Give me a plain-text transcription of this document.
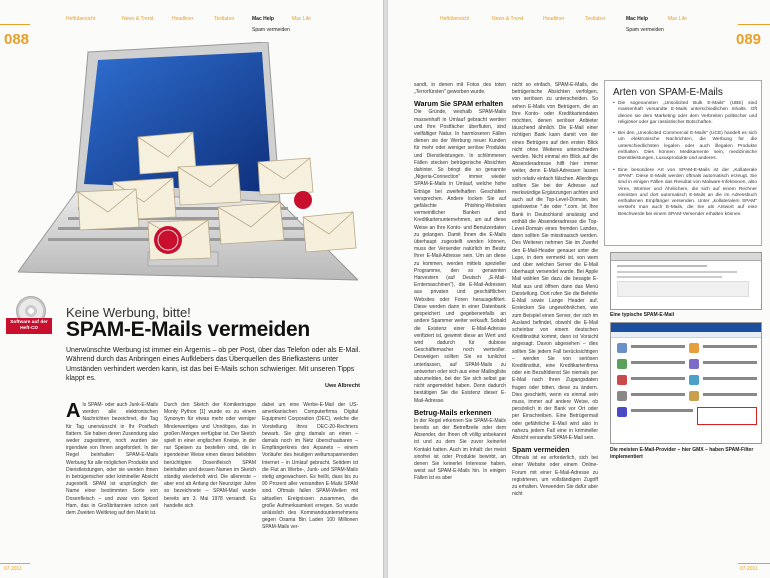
Heftübersicht	News & Trend	Headliner	Testlabor	Mac Help	Mac Life
Spam vermeiden
088
Software auf der Heft-CD
Keine Werbung, bitte!
SPAM-E-Mails vermeiden
Unerwünschte Werbung ist immer ein Ärgernis – ob per Post, über das Telefon oder als E-Mail. Während durch das Anbringen eines Aufklebers das Überquellen des Briefkastens unter Umständen verhindert werden kann, ist das bei E-Mails schon schwieriger. Mit unseren Tipps klappt es.
Uwe Albrecht

Als SPAM- oder auch Junk-E-Mails werden alle elektronischen Nachrichten bezeichnet, die Tag für Tag unerwünscht in Ihr Postfach flattern. Sie haben deren Zusendung also weder zugestimmt, noch wurden sie irgendwie von Ihnen angefordert. In der Regel beinhalten SPAM-E-Mails Werbung für alle möglichen Produkte und Dienstleistungen, oder sie werden ihnen in betrügerischer oder krimineller Absicht zugestellt. SPAM ist ursprünglich der Name einer bestimmten Sorte von Dosenfleisch – und zwar von Spiced Ham, das in Großbritannien schon seit dem Zweiten Weltkrieg auf den Markt ist.

Durch den Sketch der Komikertruppe Monty Python [1] wurde es zu einem Synonym für etwas mehr oder weniger Minderwertiges und Unnötiges, das in großen Mengen verfügbar ist. Der Sketch spielt in einer englischen Kneipe, in der nur Speisen zu bestellen sind, die in irgendeiner Weise einen dieses beliebten berüchtigten Dosenfleisch SPAM beinhalten und dessen Namen im Sketch ständig wiederholt wird. Die allererste – aber erst ab Anfang der Neunziger Jahre so bezeichnete – SPAM-Mail wurde bereits am 3. Mai 1978 versandt. Es handelte sich

dabei um eine Werbe-E-Mail der US-amerikanischen Computerfirma Digital Equipment Corporation (DEC), welche die Vorstellung ihres DEC-20-Rechners bewarb. Sie ging damals an einen – damals noch im Netz überschaubaren – Empfängerkreis des Arpanets – einem Vorläufer des heutigen weltumspannenden Internet – in Umlauf gebracht. Seitdem ist die Flut an Werbe-, Junk- und SPAM-Mails stetig angewachsen. Es heißt, dass bis zu 90 Prozent aller versandten E-Mails SPAM sind. Oftmals fallen SPAM-Wellen mit aktuellen Ereignissen zusammen, die große Aufmerksamkeit erregen. So wurde anlässlich des Kommandounternehmens gegen Osama Bin Laden 100 Millionen SPAM-Mails ver-

07.2011
Heftübersicht	News & Trend	Headliner	Testlabor	Mac Help	Mac Life
Spam vermeiden
089

sandt, in denen mit Fotos des toten „Terrorfürsten" geworben wurde.

Warum Sie SPAM erhalten

Die Gründe, weshalb SPAM-Mails massenhaft in Umlauf gebracht werden und Ihre Postfächer überfluten, sind vielfältiger Natur. In harmloseren Fällen dienen sie der Werbung neuer Kunden für mehr oder weniger seriöse Produkte und Dienstleistungen. In schlimmeren Fällen stecken betrügerische Absichten dahinter. So bringt die so genannte „Nigeria-Connection" immer wieder SPAM-E-Mails in Umlauf, welche hohe Erträge bei zweifelhaften Geschäften versprechen. Andere locken Sie auf gefälschte Phishing-Websites vermeintlicher Banken und Kreditkartenunternehmen, um auf diese Weise an Ihre Konto- und Benutzerdaten zu gelangen. Damit Ihnen die E-Mails überhaupt zugestellt werden können, muss der Versender natürlich im Besitz Ihrer E-Mail-Adresse sein. Um an diese zu kommen, werden mittels spezieller Programme, den so genannten Harvestern (auf Deutsch „E-Mail-Erntemaschinen"), die E-Mail-Adressen aus privaten und geschäftlichen Websites oder Foren herausgefiltert. Diese werden dann in einer Datenbank gespeichert und gegebenenfalls an andere Spammer weiter verkauft. Sobald die Existenz einer E-Mail-Adresse verifiziert ist, gewinnt diese an Wert und wird dadurch für dubiose Geschäftemacher noch wertvoller. Desweigen sollten Sie es tunlichst unterlassen, auf SPAM-Mails zu antworten oder sich aus einer Mailingliste abzumelden, bei der Sie sich selbst gar nicht angemeldet haben. Denn dadurch bestätigen Sie die Existenz dieser E-Mail-Adresse.

Betrug-Mails erkennen

In der Regel erkennen Sie SPAM-E-Mails bereits an der Betreffzeile oder dem Absender, der Ihnen oft völlig unbekannt ist und zu dem Sie zuvor keinerlei Kontakt hatten. Auch im Inhalt: der meist sinnfrei ist oder Produkte bewirbt, an denen Sie keinerlei Interesse haben, weist auf SPAM-E-Mails hin. In einigen Fällen ist es aber

nicht so einfach, SPAM-E-Mails, die betrügerische Absichten verfolgen, von seriösen zu unterscheiden. So sehen E-Mails von Betrügern, die an Ihre Konto- oder Kreditkartendaten möchten, denen seriöser Anbieter täuschend ähnlich. Die E-Mail einer richtigen Bank kann damit von der eines Betrügers auf den ersten Blick nicht ohne Weiteres unterschieden werden. Nicht einmal ein Blick auf die Absenderadresse hilft hier immer weiter, denn E-Mail-Adressen lassen sich relativ einfach fälschen. Allerdings sollten Sie bei der Adresse auf merkwürdige Ergänzungen achten und auch auf die Top-Level-Domain, bei spielsweise *.de oder *.com. Ist Ihre Bank in Deutschland ansässig und enthält die Absenderadresse die Top-Level-Domain eines fremden Landes, dann sollten Sie misstrauisch werden. Des Weiteren nehmen Sie im Zweifel den E-Mail-Header genauer unter die Lupe, in dem vermerkt ist, von wem und über welchen Server die E-Mail überhaupt versendet wurde. Bei Apple Mail wählen Sie dazu die besagte E-Mail aus und öffnen dann das Menü Darstellung. Dort rufen Sie die Befehle E-Mail sowie Lange Header auf. Erstecken Sie ungewöhnlichen, wie zum Beispiel einen Server, der sich im Ausland befindet, obwohl die E-Mail scheinbar von einem deutschen Kreditinstitut kommt, dann ist Vorsicht angesagt. Davon abgesehen – dies sollten Sie jedem Fall berücksichtigen – werden Sie von seriösen Kreditinstitut, eine Kreditkartenfirma oder ein Bezahldienst Sie niemals per E-Mail nach Ihren Zugangsdaten fragen oder bitten, diese zu ändern. Dies geschieht, wenn es einmal sein muss, immer auf andere Weise, ob persönlich in der Bank vor Ort oder per Einschreiben. Eine Betrügermail oder gefährliche E-Mail wird also in nahezu jedem Fall eine in krimineller Absicht versandte SPAM-E-Mail sein.

Spam vermeiden

Oftmals ist es erforderlich, sich bei einer Website oder einem Online-Forum mit einer E-Mail-Adresse zu registrieren, um vollständigen Zugriff zu erhalten. Verwenden Sie dafür aber nicht

Arten von SPAM-E-Mails
• Die sogenannten „Unsolicited Bulk E-Mails" (UBE) sind massenhaft versandte E-Mails unterschiedlichen Inhalts. Oft dienen sie dem Marketing oder dem Verbreiten politischer und religiöser oder gar rassistischer Botschaften.
• Bei den „Unsolicited Commercial E-Mails" (UCE) handelt es sich um elektronische Nachrichten, die Werbung für die unterschiedlichsten legalen oder auch illegalen Produkte enthalten. Dies können Medikamente sein, medizinische Dienstleistungen, Luxusprodukte und anderes.
• Eine besondere Art von SPAM-E-Mails ist der „Kollaterale SPAM". Diese E-Mails werden oftmals automatisch erzeugt. Sie sind in einigen Fällen das Resultat von Malware-Infektionen, also Viren, Würmer und Ähnlichem, die sich auf einem Rechner einnisten und dort automatisch E-Mails an die im Adressbuch enthaltenen Empfänger versenden. Unter „kollateralem SPAM" versteht man auch E-Mails, die Sie als Antwort auf eine Beschwerde bei einem SPAM-Versender erhalten können.
Eine typische SPAM-E-Mail
Die meisten E-Mail-Provider – hier GMX – haben SPAM-Filter implementiert
07.2011
